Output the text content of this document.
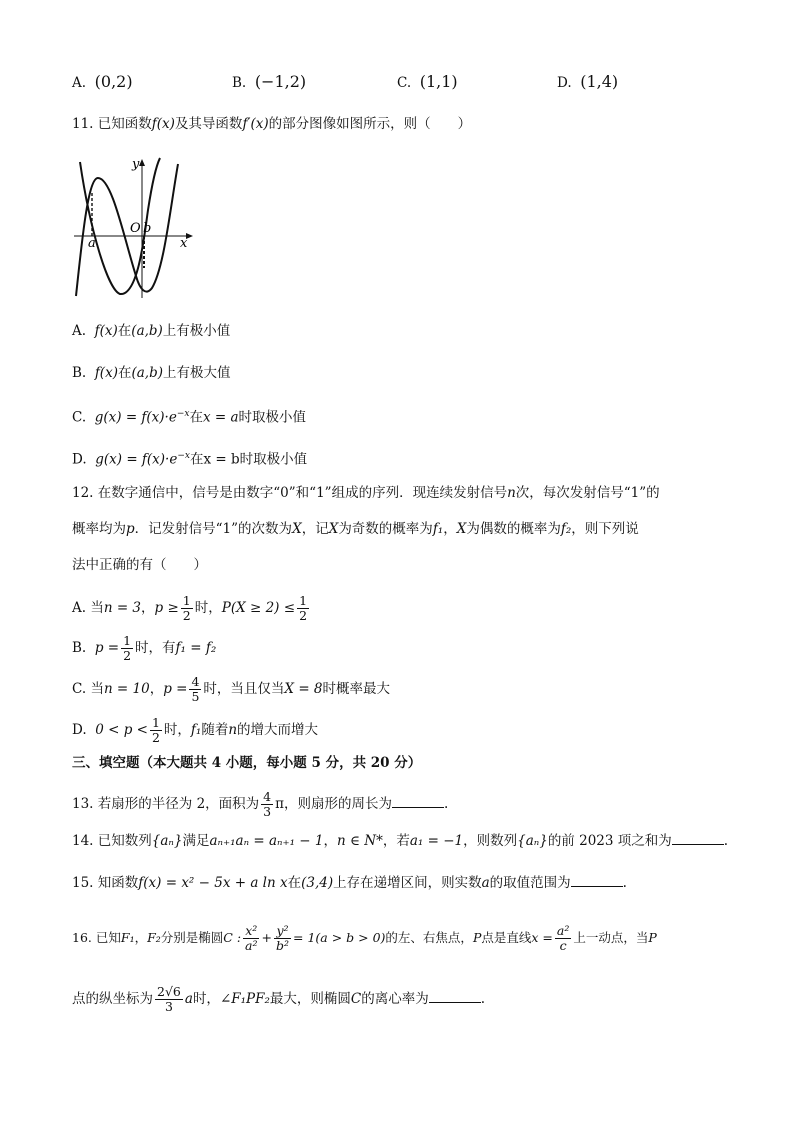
A. (0,2)	B. (−1,2)	C. (1,1)	D. (1,4)
11. 已知函数f(x)及其导函数f′(x)的部分图像如图所示，则（　　）
y
x
O
a
b
A. f(x)在(a,b)上有极小值
B. f(x)在(a,b)上有极大值
C. $g(x) = f(x)\cdot e^{-x}$在x = a时取极小值
D. $g(x) = f(x)\cdot e^{-x}$在x = b时取极小值
12. 在数字通信中，信号是由数字“0”和“1”组成的序列．现连续发射信号n次，每次发射信号“1”的
概率均为p．记发射信号“1”的次数为X，记X为奇数的概率为f₁，X为偶数的概率为f₂，则下列说
法中正确的有（　　）
A. 当n = 3，$p \ge \frac{1}{2}$ 时，$P(X \ge 2) \le \frac{1}{2}$
B. $p = \frac{1}{2}$ 时，有f₁ = f₂
C. 当n = 10，$p = \frac{4}{5}$ 时，当且仅当X = 8时概率最大
D. $0 < p < \frac{1}{2}$ 时，f₁随着n的增大而增大
三、填空题（本大题共 4 小题，每小题 5 分，共 20 分）
13. 若扇形的半径为 2，面积为 $\frac{4}{3}$ π，则扇形的周长为	.
14. 已知数列{aₙ}满足aₙ₊₁aₙ = aₙ₊₁ − 1，n ∈ N*，若a₁ = −1，则数列{aₙ}的前 2023 项之和为	.
15. 知函数f(x) = x² − 5x + a ln x在(3,4)上存在递增区间，则实数a的取值范围为	.
16. 已知F₁，F₂分别是椭圆C : $\frac{\text{x²}}{\text{a²}} + \frac{\text{y²}}{\text{b²}} = 1(a > b > 0)$的左、右焦点，P点是直线$x = \frac{\text{a²}}{c}$ 上一动点，当P
点的纵坐标为 $\frac{2√6}{3}$ a时，∠F₁PF₂最大，则椭圆C的离心率为	.
